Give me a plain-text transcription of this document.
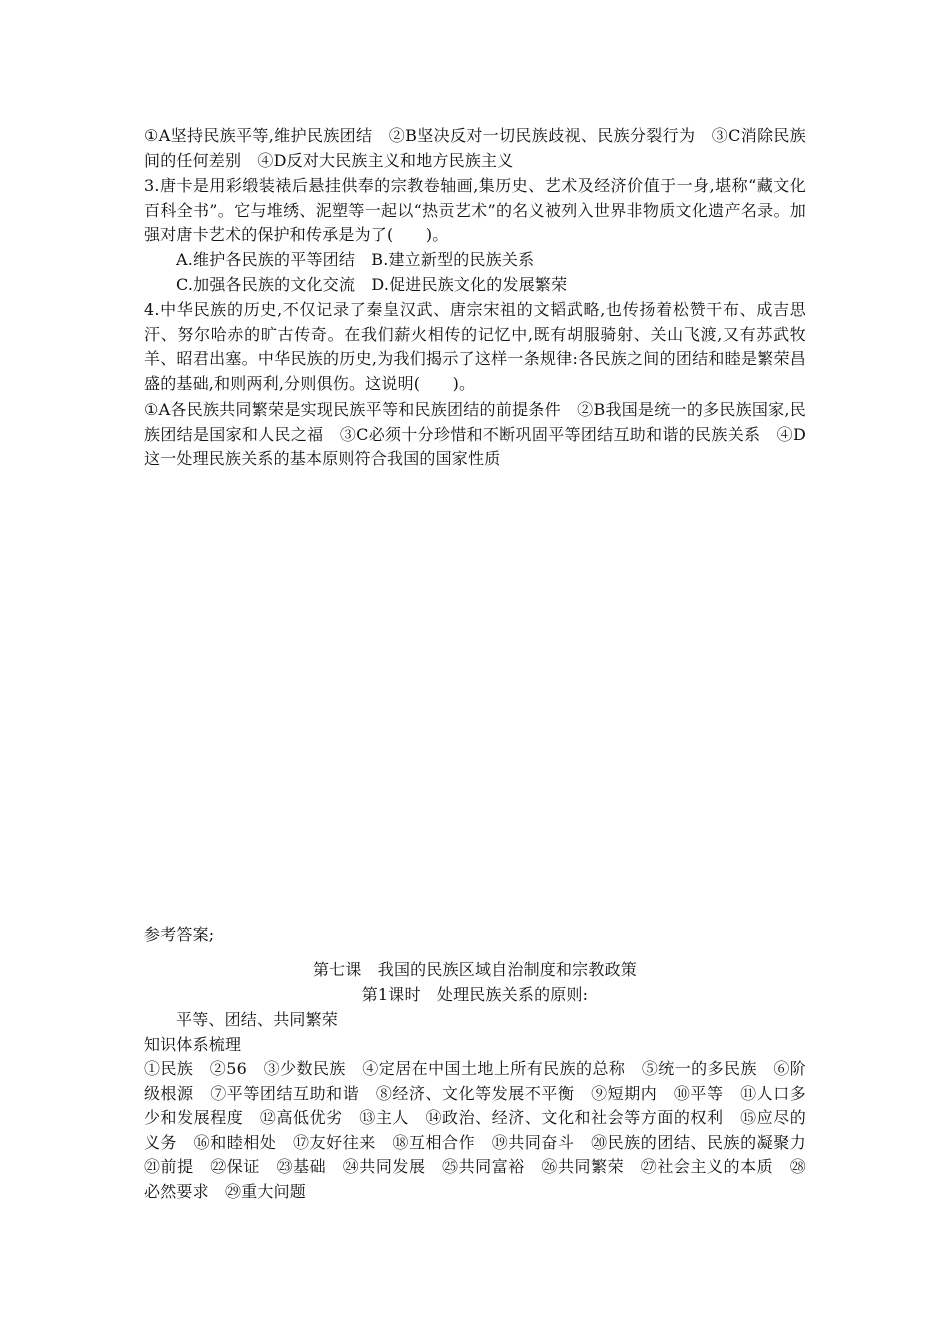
①A坚持民族平等,维护民族团结　②B坚决反对一切民族歧视、民族分裂行为　③C消除民族间的任何差别　④D反对大民族主义和地方民族主义
3.唐卡是用彩缎装裱后悬挂供奉的宗教卷轴画,集历史、艺术及经济价值于一身,堪称“藏文化百科全书”。它与堆绣、泥塑等一起以“热贡艺术”的名义被列入世界非物质文化遗产名录。加强对唐卡艺术的保护和传承是为了(　　)。
A.维护各民族的平等团结　B.建立新型的民族关系
C.加强各民族的文化交流　D.促进民族文化的发展繁荣
4.中华民族的历史,不仅记录了秦皇汉武、唐宗宋祖的文韬武略,也传扬着松赞干布、成吉思汗、努尔哈赤的旷古传奇。在我们薪火相传的记忆中,既有胡服骑射、关山飞渡,又有苏武牧羊、昭君出塞。中华民族的历史,为我们揭示了这样一条规律:各民族之间的团结和睦是繁荣昌盛的基础,和则两利,分则俱伤。这说明(　　)。
①A各民族共同繁荣是实现民族平等和民族团结的前提条件　②B我国是统一的多民族国家,民族团结是国家和人民之福　③C必须十分珍惜和不断巩固平等团结互助和谐的民族关系　④D这一处理民族关系的基本原则符合我国的国家性质
参考答案;
第七课　我国的民族区域自治制度和宗教政策
第1课时　处理民族关系的原则:
平等、团结、共同繁荣
知识体系梳理
①民族　②56　③少数民族　④定居在中国土地上所有民族的总称　⑤统一的多民族　⑥阶级根源　⑦平等团结互助和谐　⑧经济、文化等发展不平衡　⑨短期内　⑩平等　⑪人口多少和发展程度　⑫高低优劣　⑬主人　⑭政治、经济、文化和社会等方面的权利　⑮应尽的义务　⑯和睦相处　⑰友好往来　⑱互相合作　⑲共同奋斗　⑳民族的团结、民族的凝聚力　㉑前提　㉒保证　㉓基础　㉔共同发展　㉕共同富裕　㉖共同繁荣　㉗社会主义的本质　㉘必然要求　㉙重大问题
